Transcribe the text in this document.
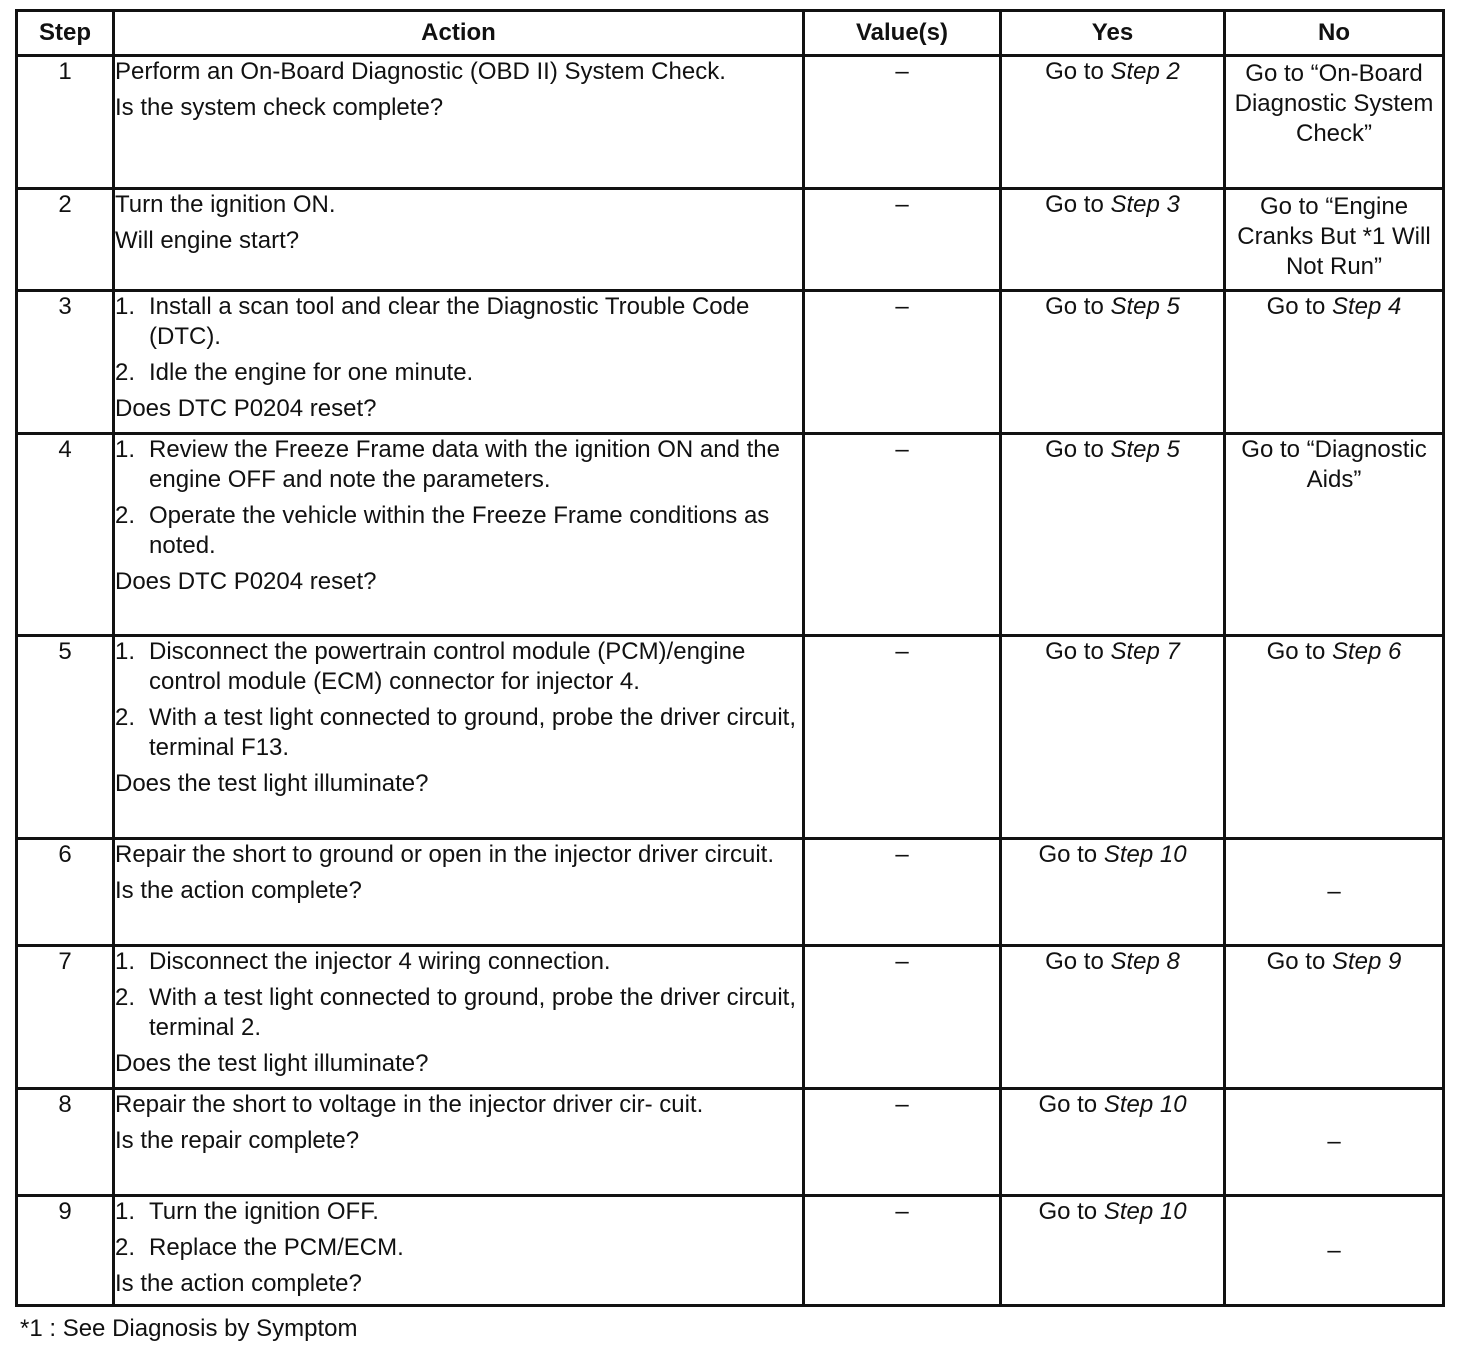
Step	Action	Value(s)	Yes	No
1	Perform an On-Board Diagnostic (OBD II) System Check.

Is the system check complete?	–	Go to Step 2	Go to “On-Board Diagnostic System Check”
2	Turn the ignition ON.

Will engine start?	–	Go to Step 3	Go to “Engine Cranks But *1 Will Not Run”
3	1. Install a scan tool and clear the Diagnostic Trouble Code (DTC).
2. Idle the engine for one minute.

Does DTC P0204 reset?	–	Go to Step 5	Go to Step 4
4	1. Review the Freeze Frame data with the ignition ON and the engine OFF and note the parameters.
2. Operate the vehicle within the Freeze Frame conditions as noted.

Does DTC P0204 reset?	–	Go to Step 5	Go to “Diagnostic Aids”
5	1. Disconnect the powertrain control module (PCM)/engine control module (ECM) connector for injector 4.
2. With a test light connected to ground, probe the driver circuit, terminal F13.

Does the test light illuminate?	–	Go to Step 7	Go to Step 6
6	Repair the short to ground or open in the injector driver circuit.

Is the action complete?	–	Go to Step 10	–
7	1. Disconnect the injector 4 wiring connection.
2. With a test light connected to ground, probe the driver circuit, terminal 2.

Does the test light illuminate?	–	Go to Step 8	Go to Step 9
8	Repair the short to voltage in the injector driver cir- cuit.

Is the repair complete?	–	Go to Step 10	–
9	1. Turn the ignition OFF.
2. Replace the PCM/ECM.

Is the action complete?	–	Go to Step 10	–
*1 : See Diagnosis by Symptom
